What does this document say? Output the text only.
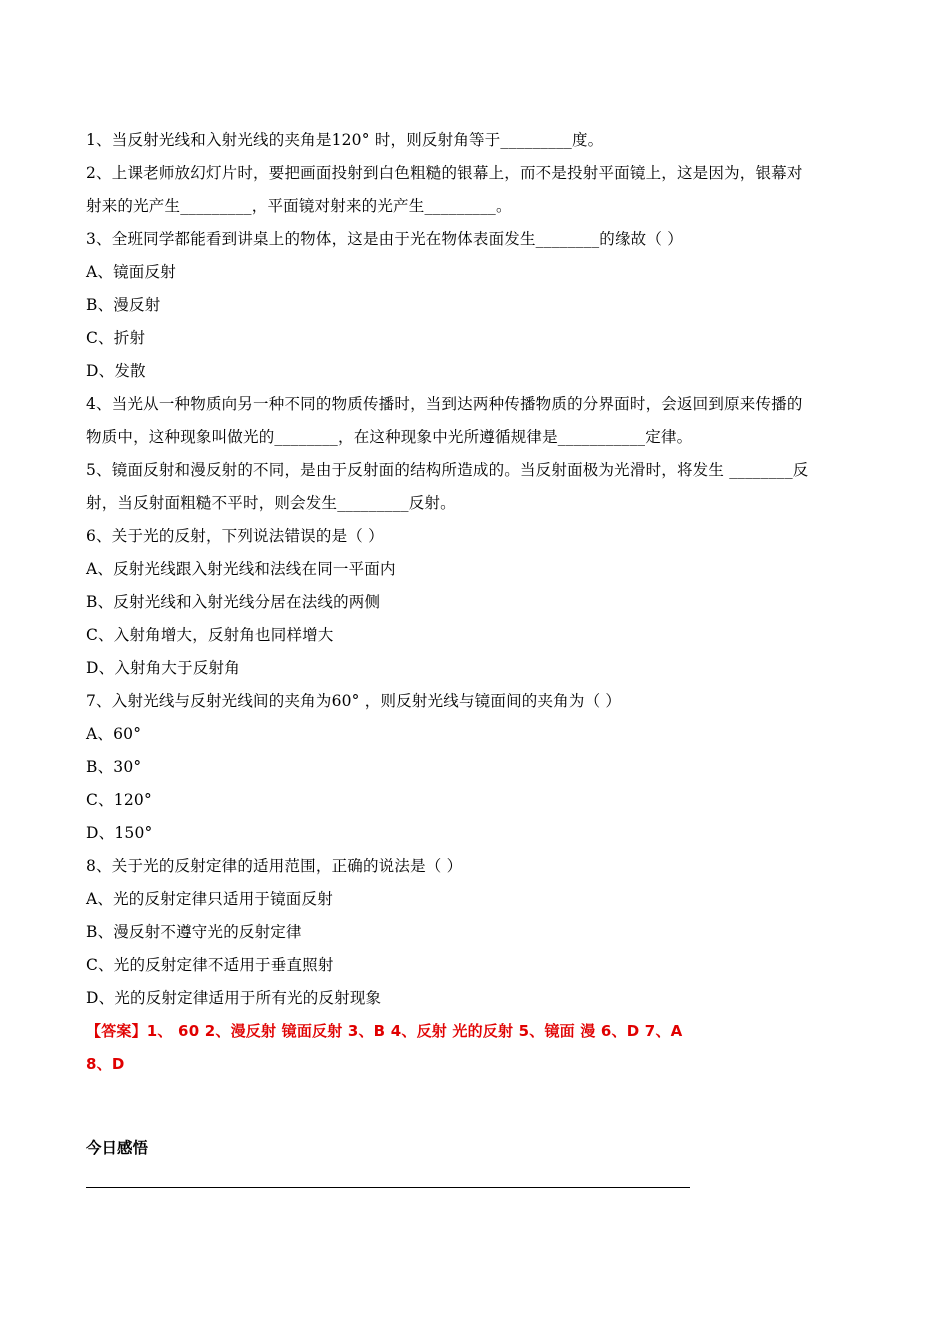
1、当反射光线和入射光线的夹角是120° 时，则反射角等于_________度。
2、上课老师放幻灯片时，要把画面投射到白色粗糙的银幕上，而不是投射平面镜上，这是因为，银幕对
射来的光产生_________，平面镜对射来的光产生_________。
3、全班同学都能看到讲桌上的物体，这是由于光在物体表面发生________的缘故（ ）
A、镜面反射
B、漫反射
C、折射
D、发散
4、当光从一种物质向另一种不同的物质传播时，当到达两种传播物质的分界面时，会返回到原来传播的
物质中，这种现象叫做光的________，在这种现象中光所遵循规律是___________定律。
5、镜面反射和漫反射的不同，是由于反射面的结构所造成的。当反射面极为光滑时，将发生 ________反
射，当反射面粗糙不平时，则会发生_________反射。
6、关于光的反射，下列说法错误的是（ ）
A、反射光线跟入射光线和法线在同一平面内
B、反射光线和入射光线分居在法线的两侧
C、入射角增大，反射角也同样增大
D、入射角大于反射角
7、入射光线与反射光线间的夹角为60° ，则反射光线与镜面间的夹角为（ ）
A、60°
B、30°
C、120°
D、150°
8、关于光的反射定律的适用范围，正确的说法是（ ）
A、光的反射定律只适用于镜面反射
B、漫反射不遵守光的反射定律
C、光的反射定律不适用于垂直照射
D、光的反射定律适用于所有光的反射现象
【答案】1、 60 2、漫反射 镜面反射 3、B 4、反射 光的反射 5、镜面 漫 6、D 7、A
8、D
今日感悟
